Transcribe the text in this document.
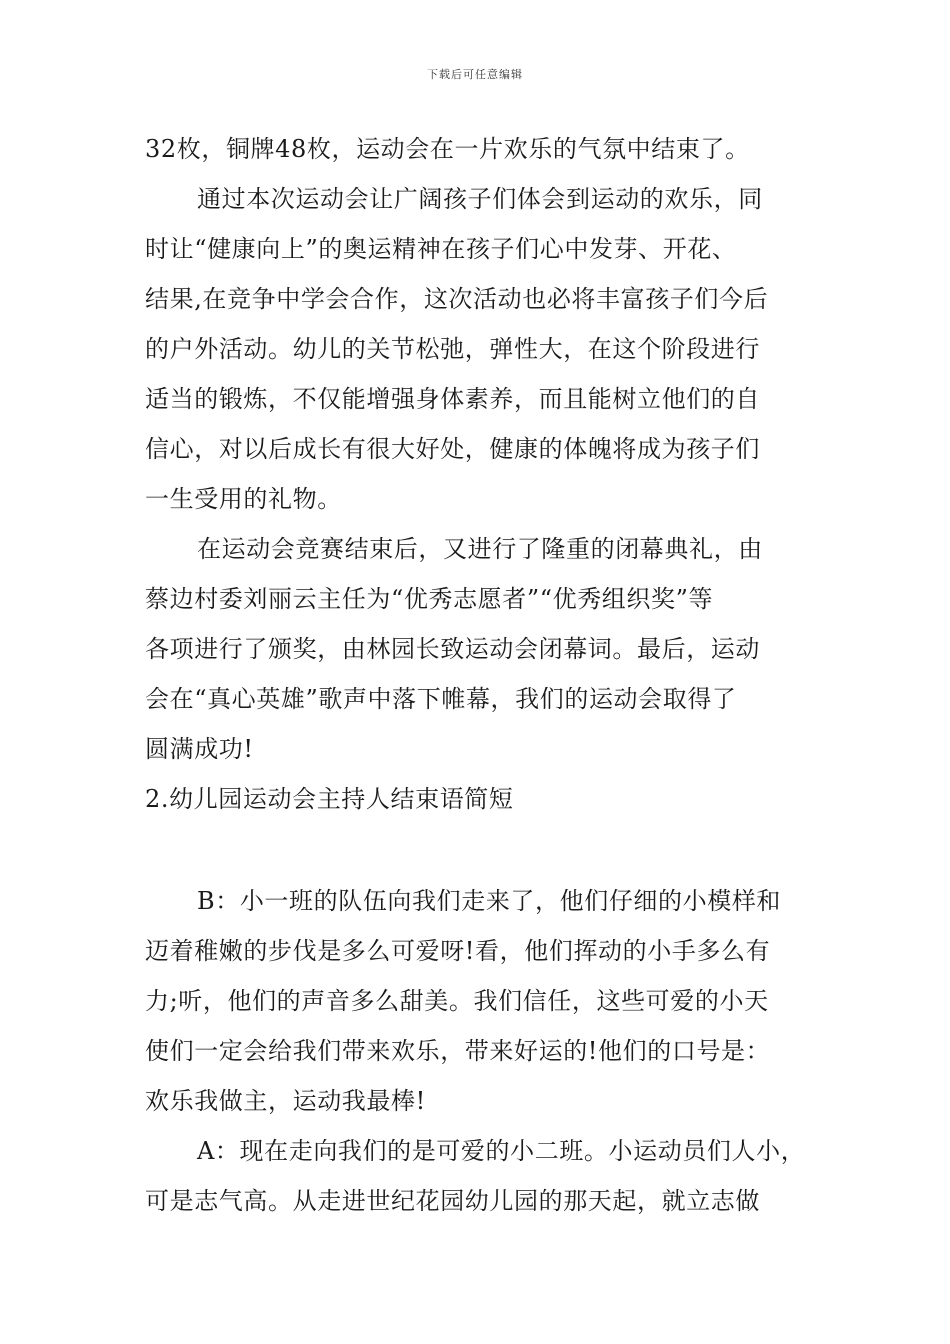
下载后可任意编辑
32枚，铜牌48枚，运动会在一片欢乐的气氛中结束了。
通过本次运动会让广阔孩子们体会到运动的欢乐，同
时让“健康向上”的奥运精神在孩子们心中发芽、开花、
结果,在竞争中学会合作，这次活动也必将丰富孩子们今后
的户外活动。幼儿的关节松弛，弹性大，在这个阶段进行
适当的锻炼，不仅能增强身体素养，而且能树立他们的自
信心，对以后成长有很大好处，健康的体魄将成为孩子们
一生受用的礼物。
在运动会竞赛结束后，又进行了隆重的闭幕典礼，由
蔡边村委刘丽云主任为“优秀志愿者”“优秀组织奖”等
各项进行了颁奖，由林园长致运动会闭幕词。最后，运动
会在“真心英雄”歌声中落下帷幕，我们的运动会取得了
圆满成功!
2.幼儿园运动会主持人结束语简短
B：小一班的队伍向我们走来了，他们仔细的小模样和
迈着稚嫩的步伐是多么可爱呀!看，他们挥动的小手多么有
力;听，他们的声音多么甜美。我们信任，这些可爱的小天
使们一定会给我们带来欢乐，带来好运的!他们的口号是：
欢乐我做主，运动我最棒!
A：现在走向我们的是可爱的小二班。小运动员们人小，
可是志气高。从走进世纪花园幼儿园的那天起，就立志做
